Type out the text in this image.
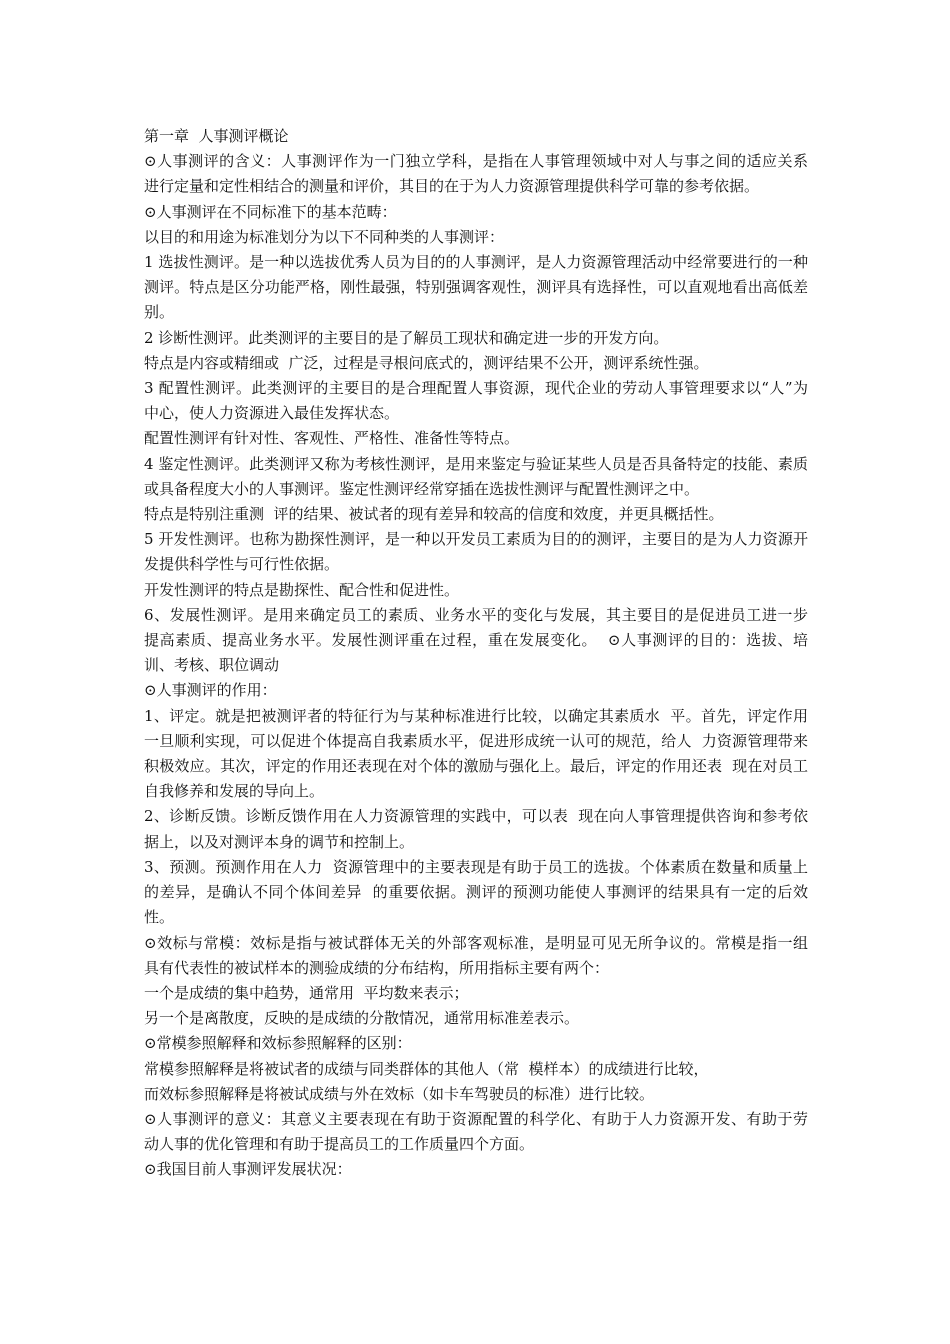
第一章  人事测评概论

⊙人事测评的含义：人事测评作为一门独立学科，是指在人事管理领域中对人与事之间的适应关系  进行定量和定性相结合的测量和评价，其目的在于为人力资源管理提供科学可靠的参考依据。

⊙人事测评在不同标准下的基本范畴：

以目的和用途为标准划分为以下不同种类的人事测评：

1 选拔性测评。是一种以选拔优秀人员为目的的人事测评，是人力资源管理活动中经常要进行的一种  测评。特点是区分功能严格，刚性最强，特别强调客观性，测评具有选择性，可以直观地看出高低差别。

2 诊断性测评。此类测评的主要目的是了解员工现状和确定进一步的开发方向。

特点是内容或精细或  广泛，过程是寻根问底式的，测评结果不公开，测评系统性强。

3 配置性测评。此类测评的主要目的是合理配置人事资源，现代企业的劳动人事管理要求以“人”为  中心，使人力资源进入最佳发挥状态。

配置性测评有针对性、客观性、严格性、准备性等特点。

4 鉴定性测评。此类测评又称为考核性测评，是用来鉴定与验证某些人员是否具备特定的技能、素质  或具备程度大小的人事测评。鉴定性测评经常穿插在选拔性测评与配置性测评之中。

特点是特别注重测  评的结果、被试者的现有差异和较高的信度和效度，并更具概括性。

5 开发性测评。也称为勘探性测评，是一种以开发员工素质为目的的测评，主要目的是为人力资源开  发提供科学性与可行性依据。

开发性测评的特点是勘探性、配合性和促进性。

6、发展性测评。是用来确定员工的素质、业务水平的变化与发展，其主要目的是促进员工进一步  提高素质、提高业务水平。发展性测评重在过程，重在发展变化。  ⊙人事测评的目的：选拔、培训、考核、职位调动

⊙人事测评的作用：

1、评定。就是把被测评者的特征行为与某种标准进行比较，以确定其素质水  平。首先，评定作用一旦顺利实现，可以促进个体提高自我素质水平，促进形成统一认可的规范，给人  力资源管理带来积极效应。其次，评定的作用还表现在对个体的激励与强化上。最后，评定的作用还表  现在对员工自我修养和发展的导向上。

2、诊断反馈。诊断反馈作用在人力资源管理的实践中，可以表  现在向人事管理提供咨询和参考依据上，以及对测评本身的调节和控制上。

3、预测。预测作用在人力  资源管理中的主要表现是有助于员工的选拔。个体素质在数量和质量上的差异，是确认不同个体间差异  的重要依据。测评的预测功能使人事测评的结果具有一定的后效性。

⊙效标与常模：效标是指与被试群体无关的外部客观标准，是明显可见无所争议的。常模是指一组  具有代表性的被试样本的测验成绩的分布结构，所用指标主要有两个：

一个是成绩的集中趋势，通常用  平均数来表示；

另一个是离散度，反映的是成绩的分散情况，通常用标准差表示。

⊙常模参照解释和效标参照解释的区别：

常模参照解释是将被试者的成绩与同类群体的其他人（常  模样本）的成绩进行比较，

而效标参照解释是将被试成绩与外在效标（如卡车驾驶员的标准）进行比较。

⊙人事测评的意义：其意义主要表现在有助于资源配置的科学化、有助于人力资源开发、有助于劳  动人事的优化管理和有助于提高员工的工作质量四个方面。

⊙我国目前人事测评发展状况：
